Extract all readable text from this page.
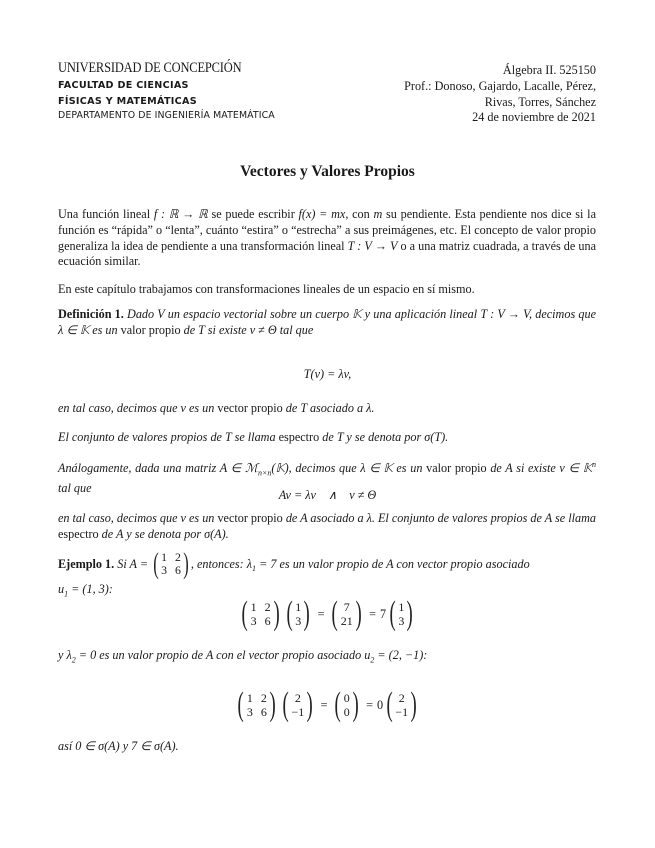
UNIVERSIDAD DE CONCEPCIÓN
FACULTAD DE CIENCIAS
FÍSICAS Y MATEMÁTICAS
DEPARTAMENTO DE INGENIERÍA MATEMÁTICA
Álgebra II. 525150
Prof.: Donoso, Gajardo, Lacalle, Pérez,
Rivas, Torres, Sánchez
24 de noviembre de 2021
Vectores y Valores Propios
Una función lineal f : ℝ → ℝ se puede escribir f(x) = mx, con m su pendiente. Esta pendiente nos dice si la función es “rápida” o “lenta”, cuánto “estira” o “estrecha” a sus preimágenes, etc. El concepto de valor propio generaliza la idea de pendiente a una transformación lineal T : V → V o a una matriz cuadrada, a través de una ecuación similar.
En este capítulo trabajamos con transformaciones lineales de un espacio en sí mismo.
Definición 1. Dado V un espacio vectorial sobre un cuerpo 𝕂 y una aplicación lineal T : V → V, decimos que λ ∈ 𝕂 es un valor propio de T si existe v ≠ Θ tal que
T(v) = λv,
en tal caso, decimos que v es un vector propio de T asociado a λ.
El conjunto de valores propios de T se llama espectro de T y se denota por σ(T).
Análogamente, dada una matriz A ∈ ℳ$_{n\times n}$(𝕂), decimos que λ ∈ 𝕂 es un valor propio de A si existe v ∈ 𝕂$^n$ tal que	Av = λv    ∧    v ≠ Θ
en tal caso, decimos que v es un vector propio de A asociado a λ. El conjunto de valores propios de A se llama espectro de A y se denota por σ(A).
Ejemplo 1. Si A = ( 1 2
3 6 ) , entonces: $\lambda_1 = 7$ es un valor propio de A con vector propio asociado
$u_1 = (1$, 3):
( 1 2
3 6 ) ( 1
3 ) = ( 7
21 ) = 7 ( 1
3 )
y $\lambda_2 = 0$ es un valor propio de A con el vector propio asociado $u_2 = (2$, −1):
( 1 2
3 6 ) ( 2
−1 ) = ( 0
0 ) = 0 ( 2
−1 )
así 0 ∈ σ(A) y 7 ∈ σ(A).
